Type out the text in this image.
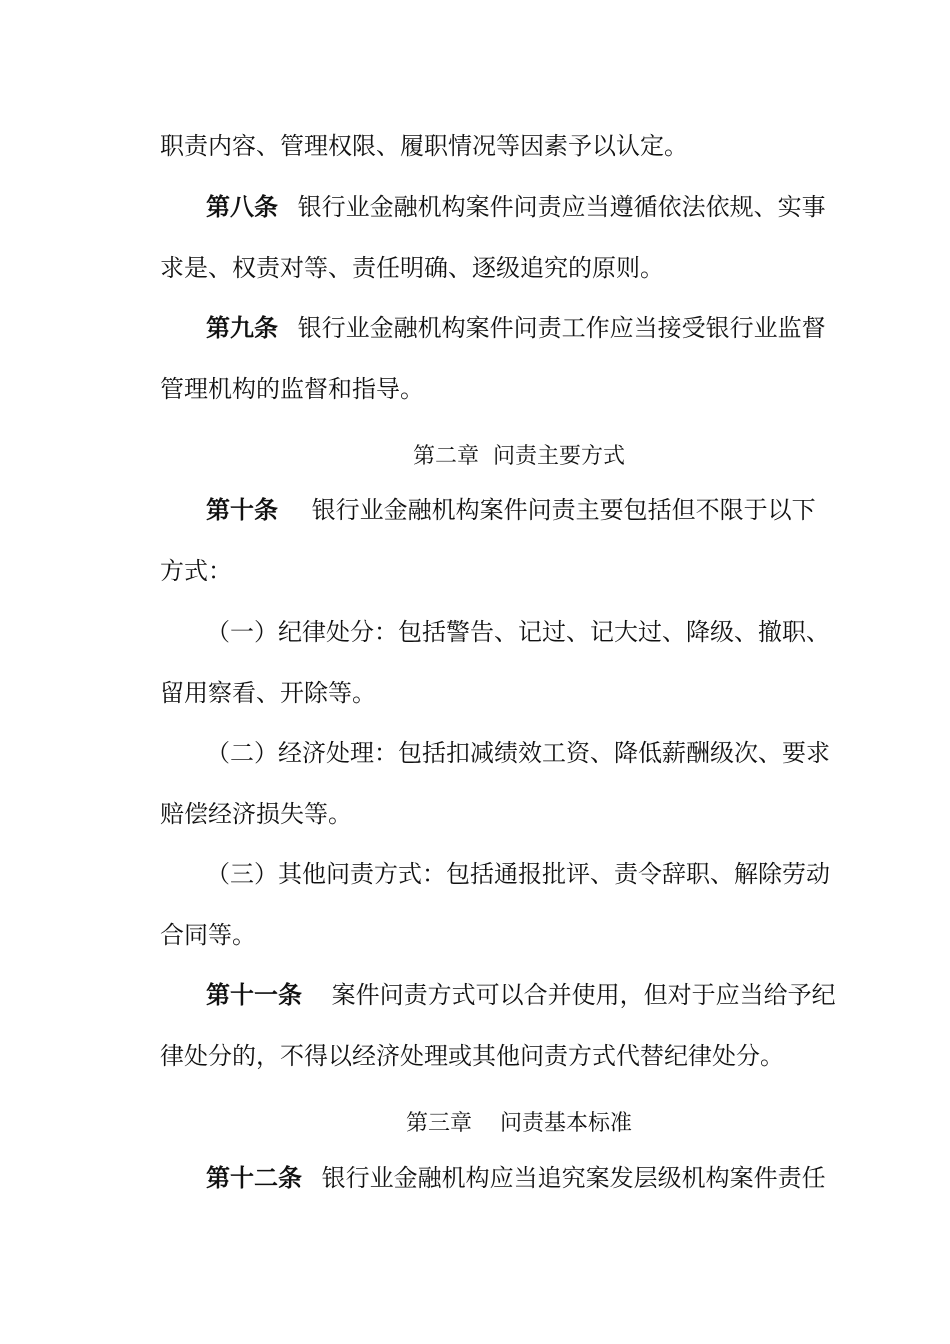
职责内容、管理权限、履职情况等因素予以认定。
第八条 银行业金融机构案件问责应当遵循依法依规、实事
求是、权责对等、责任明确、逐级追究的原则。
第九条 银行业金融机构案件问责工作应当接受银行业监督
管理机构的监督和指导。
第二章  问责主要方式
第十条 银行业金融机构案件问责主要包括但不限于以下
方式：
（一）纪律处分：包括警告、记过、记大过、降级、撤职、
留用察看、开除等。
（二）经济处理：包括扣减绩效工资、降低薪酬级次、要求
赔偿经济损失等。
（三）其他问责方式：包括通报批评、责令辞职、解除劳动
合同等。
第十一条 案件问责方式可以合并使用，但对于应当给予纪
律处分的，不得以经济处理或其他问责方式代替纪律处分。
第三章    问责基本标准
第十二条 银行业金融机构应当追究案发层级机构案件责任
